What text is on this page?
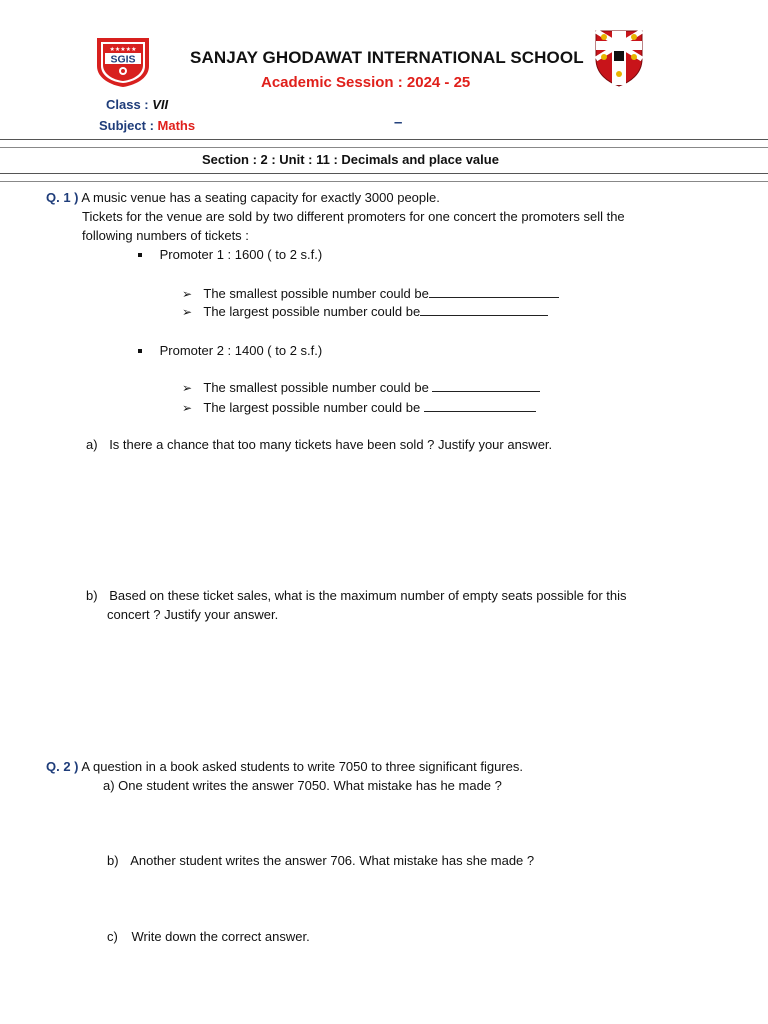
★★★★★
SGIS	SANJAY GHODAWAT INTERNATIONAL SCHOOL
Academic Session : 2024 - 25
Class : VII
Subject : Maths	–
Section : 2 : Unit : 11 : Decimals and place value
Q. 1 ) A music venue has a seating capacity for exactly 3000 people.
Tickets for the venue are sold by two different promoters for one concert the promoters sell the
following numbers of tickets :
Promoter 1 : 1600 ( to 2 s.f.)
➢ The smallest possible number could be
➢ The largest possible number could be
Promoter 2 : 1400 ( to 2 s.f.)
➢ The smallest possible number could be
➢ The largest possible number could be
a) Is there a chance that too many tickets have been sold ? Justify your answer.
b) Based on these ticket sales, what is the maximum number of empty seats possible for this
concert ? Justify your answer.
Q. 2 ) A question in a book asked students to write 7050 to three significant figures.
a) One student writes the answer 7050. What mistake has he made ?
b) Another student writes the answer 706. What mistake has she made ?
c) Write down the correct answer.
